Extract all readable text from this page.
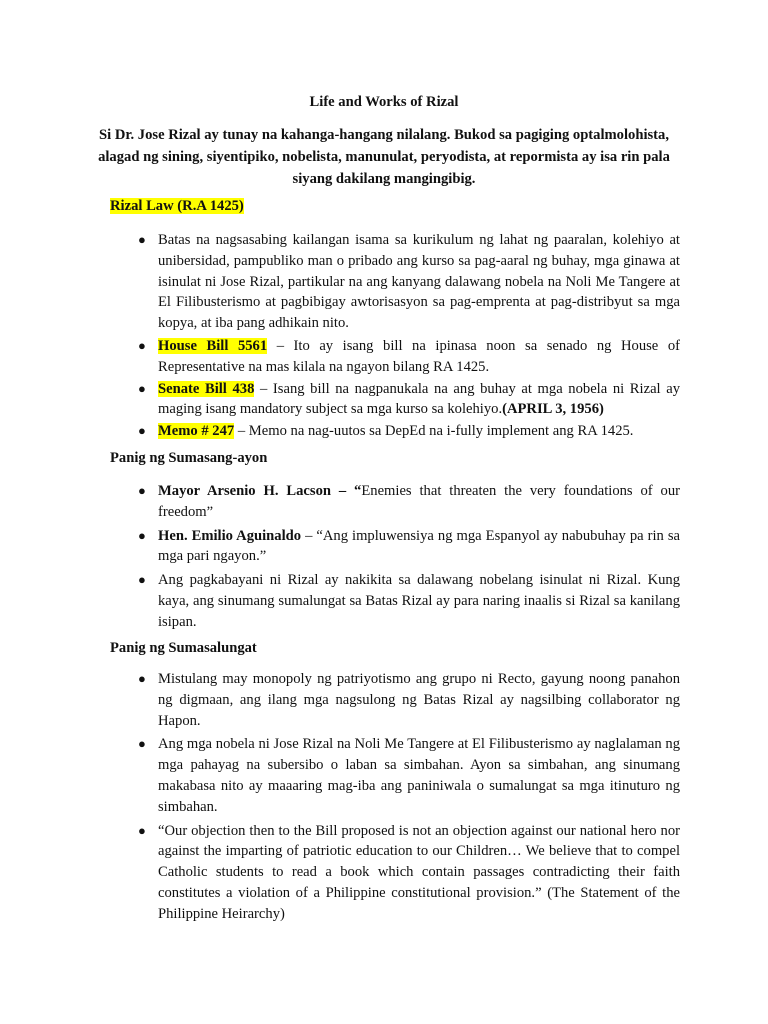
Life and Works of Rizal
Si Dr. Jose Rizal ay tunay na kahanga-hangang nilalang. Bukod sa pagiging optalmolohista, alagad ng sining, siyentipiko, nobelista, manunulat, peryodista, at repormista ay isa rin pala siyang dakilang mangingibig.
Rizal Law (R.A 1425)
● Batas na nagsasabing kailangan isama sa kurikulum ng lahat ng paaralan, kolehiyo at unibersidad, pampubliko man o pribado ang kurso sa pag-aaral ng buhay, mga ginawa at isinulat ni Jose Rizal, partikular na ang kanyang dalawang nobela na Noli Me Tangere at El Filibusterismo at pagbibigay awtorisasyon sa pag-emprenta at pag-distribyut sa mga kopya, at iba pang adhikain nito.
● House Bill 5561 – Ito ay isang bill na ipinasa noon sa senado ng House of Representative na mas kilala na ngayon bilang RA 1425.
● Senate Bill 438 – Isang bill na nagpanukala na ang buhay at mga nobela ni Rizal ay maging isang mandatory subject sa mga kurso sa kolehiyo.(APRIL 3, 1956)
● Memo # 247 – Memo na nag-uutos sa DepEd na i-fully implement ang RA 1425.
Panig ng Sumasang-ayon
● Mayor Arsenio H. Lacson – “Enemies that threaten the very foundations of our freedom”
● Hen. Emilio Aguinaldo – “Ang impluwensiya ng mga Espanyol ay nabubuhay pa rin sa mga pari ngayon.”
● Ang pagkabayani ni Rizal ay nakikita sa dalawang nobelang isinulat ni Rizal. Kung kaya, ang sinumang sumalungat sa Batas Rizal ay para naring inaalis si Rizal sa kanilang isipan.
Panig ng Sumasalungat
● Mistulang may monopoly ng patriyotismo ang grupo ni Recto, gayung noong panahon ng digmaan, ang ilang mga nagsulong ng Batas Rizal ay nagsilbing collaborator ng Hapon.
● Ang mga nobela ni Jose Rizal na Noli Me Tangere at El Filibusterismo ay naglalaman ng mga pahayag na subersibo o laban sa simbahan. Ayon sa simbahan, ang sinumang makabasa nito ay maaaring mag-iba ang paniniwala o sumalungat sa mga itinuturo ng simbahan.
● “Our objection then to the Bill proposed is not an objection against our national hero nor against the imparting of patriotic education to our Children… We believe that to compel Catholic students to read a book which contain passages contradicting their faith constitutes a violation of a Philippine constitutional provision.” (The Statement of the Philippine Heirarchy)
